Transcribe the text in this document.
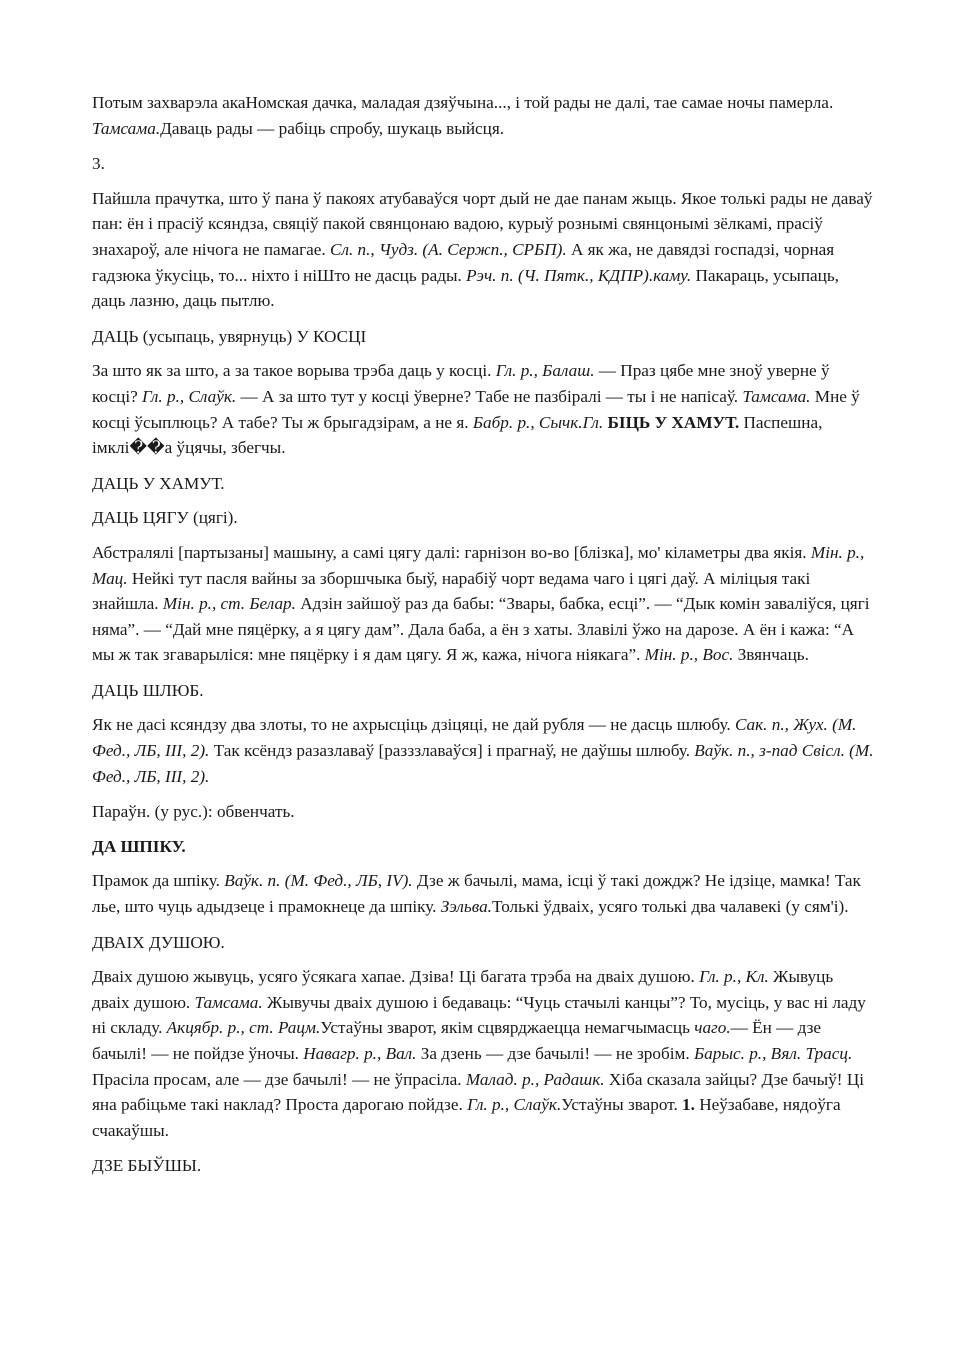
Потым захварэла акаНомская дачка, маладая дзяўчына..., і той рады не далі, тае самае ночы памерла. Тамсама.Даваць рады — рабіць спробу, шукаць выйсця.

3.

Пайшла прачутка, што ў пана ў пакоях атубаваўся чорт дый не дае панам жыць. Якое толькі рады не даваў пан: ён і прасіў ксяндза, свяціў пакой свянцонаю вадою, курыў рознымі свянцонымі зёлкамі, прасіў знахароў, але нічога не памагае. Сл. п., Чудз. (А. Сержп., СРБП). А як жа, не давядзі госпадзі, чорная гадзюка ўкусіць, то... ніхто і ніШто не дасць рады. Рэч. п. (Ч. Пятк., КДПР).каму. Пакараць, усыпаць, даць лазню, даць пытлю.

ДАЦЬ (усыпаць, увярнуць) У КОСЦІ

За што як за што, а за такое ворыва трэба даць у косці. Гл. р., Балаш. — Праз цябе мне зноў уверне ў косці? Гл. р., Слаўк. — А за што тут у косці ўверне? Табе не пазбіралі — ты і не напісаў. Тамсама. Мне ў косці ўсыплюць? А табе? Ты ж брыгадзірам, а не я. Бабр. р., Сычк.Гл. БІЦЬ У ХАМУТ. Паспешна, імклі��а ўцячы, збегчы.

ДАЦЬ У ХАМУТ.

ДАЦЬ ЦЯГУ (цягі).

Абстралялі [партызаны] машыну, а самі цягу далі: гарнізон во-во [блізка], мо' кіламетры два якія. Мін. р., Мац. Нейкі тут пасля вайны за зборшчыка быў, нарабіў чорт ведама чаго і цягі даў. А міліцыя такі знайшла. Мін. р., ст. Белар. Адзін зайшоў раз да бабы: “Звары, бабка, есці”. — “Дык комін заваліўся, цягі няма”. — “Дай мне пяцёрку, а я цягу дам”. Дала баба, а ён з хаты. Злавілі ўжо на дарозе. А ён і кажа: “А мы ж так згаварыліся: мне пяцёрку і я дам цягу. Я ж, кажа, нічога ніякага”. Мін. р., Вос. Звянчаць.

ДАЦЬ ШЛЮБ.

Як не дасі ксяндзу два злоты, то не ахрысціць дзіцяці, не дай рубля — не дасць шлюбу. Сак. п., Жух. (М. Фед., ЛБ, III, 2). Так ксёндз разазлаваў [разззлаваўся] і прагнаў, не даўшы шлюбу. Ваўк. п., з-пад Свісл. (М. Фед., ЛБ, III, 2).

Параўн. (у рус.): обвенчать.

ДА ШПІКУ.

Прамок да шпіку. Ваўк. п. (М. Фед., ЛБ, IV). Дзе ж бачылі, мама, ісці ў такі дождж? Не ідзіце, мамка! Так лье, што чуць адыдзеце і прамокнеце да шпіку. Зэльва.Толькі ўдваіх, усяго толькі два чалавекі (у сям'і).

ДВАІХ ДУШОЮ.

Дваіх душою жывуць, усяго ўсякага хапае. Дзіва! Ці багата трэба на дваіх душою. Гл. р., Кл. Жывуць дваіх душою. Тамсама. Жывучы дваіх душою і бедаваць: “Чуць стачылі канцы”? То, мусіць, у вас ні ладу ні складу. Акцябр. р., ст. Рацм.Устаўны зварот, якім сцвярджаецца немагчымасць чаго.— Ён — дзе бачылі! — не пойдзе ўночы. Навагр. р., Вал. За дзень — дзе бачылі! — не зробім. Барыс. р., Вял. Трасц. Прасіла просам, але — дзе бачылі! — не ўпрасіла. Малад. р., Радашк. Хіба сказала зайцы? Дзе бачыў! Ці яна рабіцьме такі наклад? Проста дарогаю пойдзе. Гл. р., Слаўк.Устаўны зварот. 1. Неўзабаве, нядоўга счакаўшы.

ДЗЕ БЫЎШЫ.
